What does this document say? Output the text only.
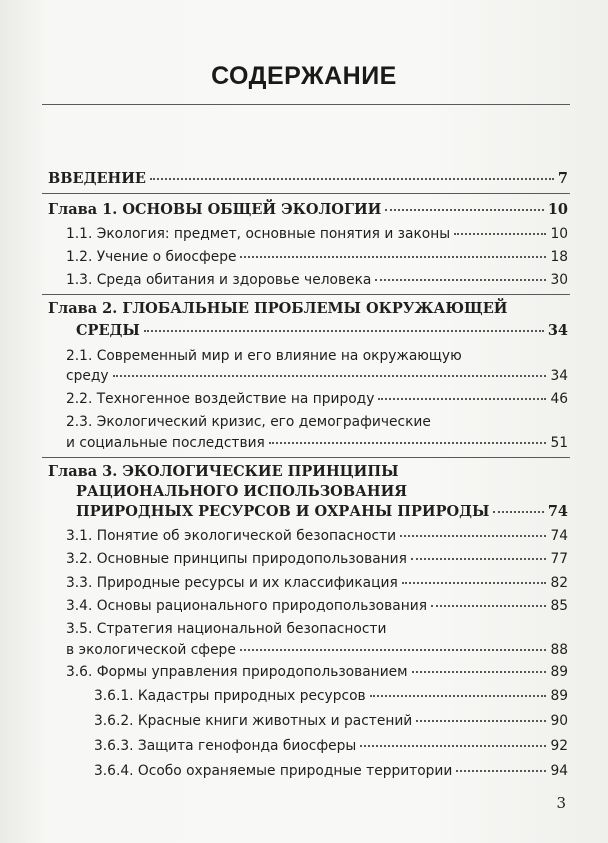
СОДЕРЖАНИЕ
ВВЕДЕНИЕ	7
Глава 1. ОСНОВЫ ОБЩЕЙ ЭКОЛОГИИ	10
1.1. Экология: предмет, основные понятия и законы	10
1.2. Учение о биосфере	18
1.3. Среда обитания и здоровье человека	30
Глава 2. ГЛОБАЛЬНЫЕ ПРОБЛЕМЫ ОКРУЖАЮЩЕЙ
СРЕДЫ	34
2.1. Современный мир и его влияние на окружающую
среду	34
2.2. Техногенное воздействие на природу	46
2.3. Экологический кризис, его демографические
и социальные последствия	51
Глава 3. ЭКОЛОГИЧЕСКИЕ ПРИНЦИПЫ
РАЦИОНАЛЬНОГО ИСПОЛЬЗОВАНИЯ
ПРИРОДНЫХ РЕСУРСОВ И ОХРАНЫ ПРИРОДЫ	74
3.1. Понятие об экологической безопасности	74
3.2. Основные принципы природопользования	77
3.3. Природные ресурсы и их классификация	82
3.4. Основы рационального природопользования	85
3.5. Стратегия национальной безопасности
в экологической сфере	88
3.6. Формы управления природопользованием	89
3.6.1. Кадастры природных ресурсов	89
3.6.2. Красные книги животных и растений	90
3.6.3. Защита генофонда биосферы	92
3.6.4. Особо охраняемые природные территории	94
3
